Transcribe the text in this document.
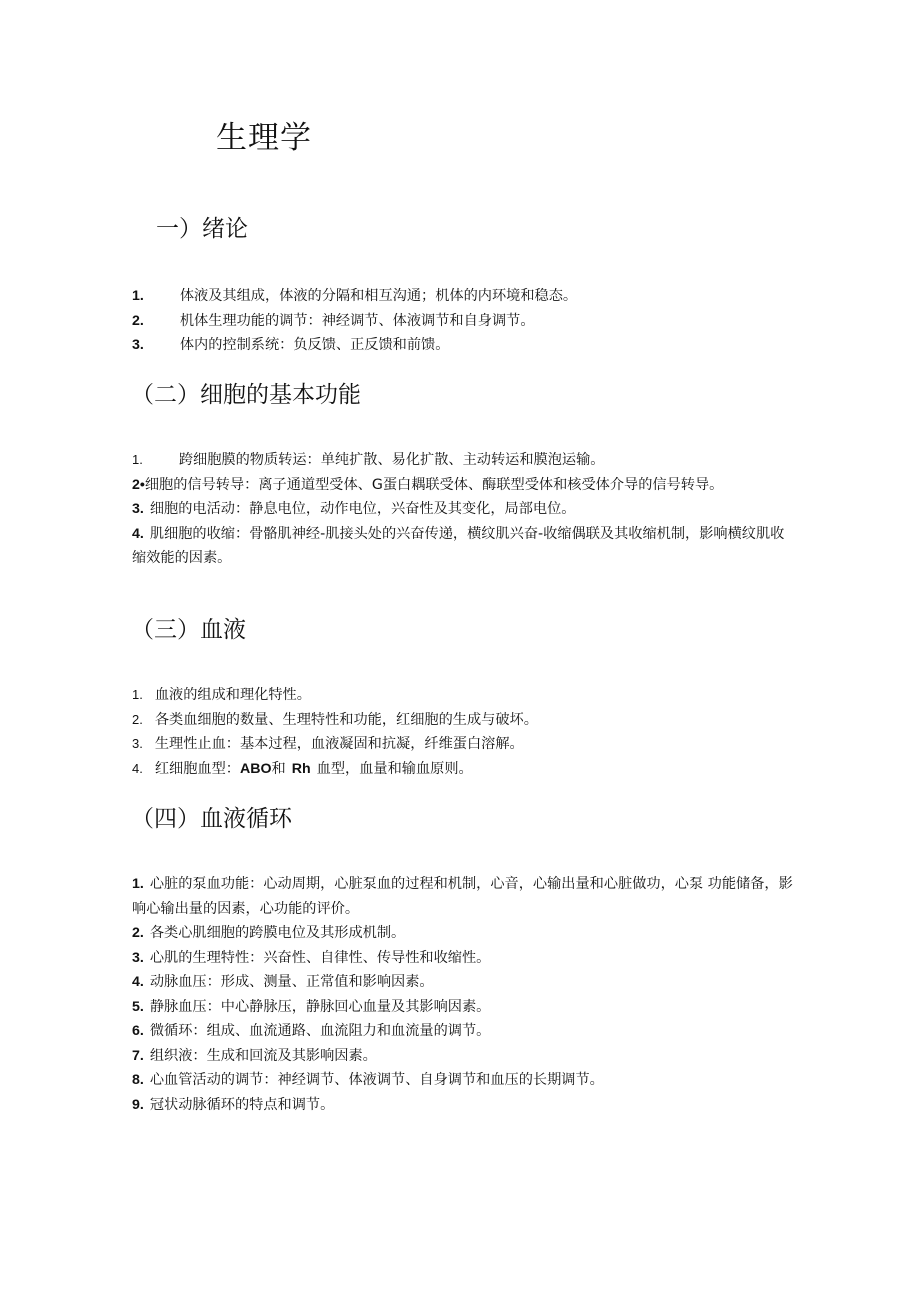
生理学
一）绪论
1.	体液及其组成，体液的分隔和相互沟通；机体的内环境和稳态。
2.	机体生理功能的调节：神经调节、体液调节和自身调节。
3.	体内的控制系统：负反馈、正反馈和前馈。
（二）细胞的基本功能
1.	跨细胞膜的物质转运：单纯扩散、易化扩散、主动转运和膜泡运输。
2•细胞的信号转导：离子通道型受体、G蛋白耦联受体、酶联型受体和核受体介导的信号转导。
3. 细胞的电活动：静息电位，动作电位，兴奋性及其变化，局部电位。
4. 肌细胞的收缩：骨骼肌神经-肌接头处的兴奋传递，横纹肌兴奋-收缩偶联及其收缩机制，影响横纹肌收缩效能的因素。
（三）血液
1. 血液的组成和理化特性。
2. 各类血细胞的数量、生理特性和功能，红细胞的生成与破坏。
3. 生理性止血：基本过程，血液凝固和抗凝，纤维蛋白溶解。
4. 红细胞血型：ABO和 Rh 血型，血量和输血原则。
（四）血液循环
1. 心脏的泵血功能：心动周期，心脏泵血的过程和机制，心音，心输出量和心脏做功，心泵 功能储备，影响心输出量的因素，心功能的评价。
2. 各类心肌细胞的跨膜电位及其形成机制。
3. 心肌的生理特性：兴奋性、自律性、传导性和收缩性。
4. 动脉血压：形成、测量、正常值和影响因素。
5. 静脉血压：中心静脉压，静脉回心血量及其影响因素。
6. 微循环：组成、血流通路、血流阻力和血流量的调节。
7. 组织液：生成和回流及其影响因素。
8. 心血管活动的调节：神经调节、体液调节、自身调节和血压的长期调节。
9. 冠状动脉循环的特点和调节。
